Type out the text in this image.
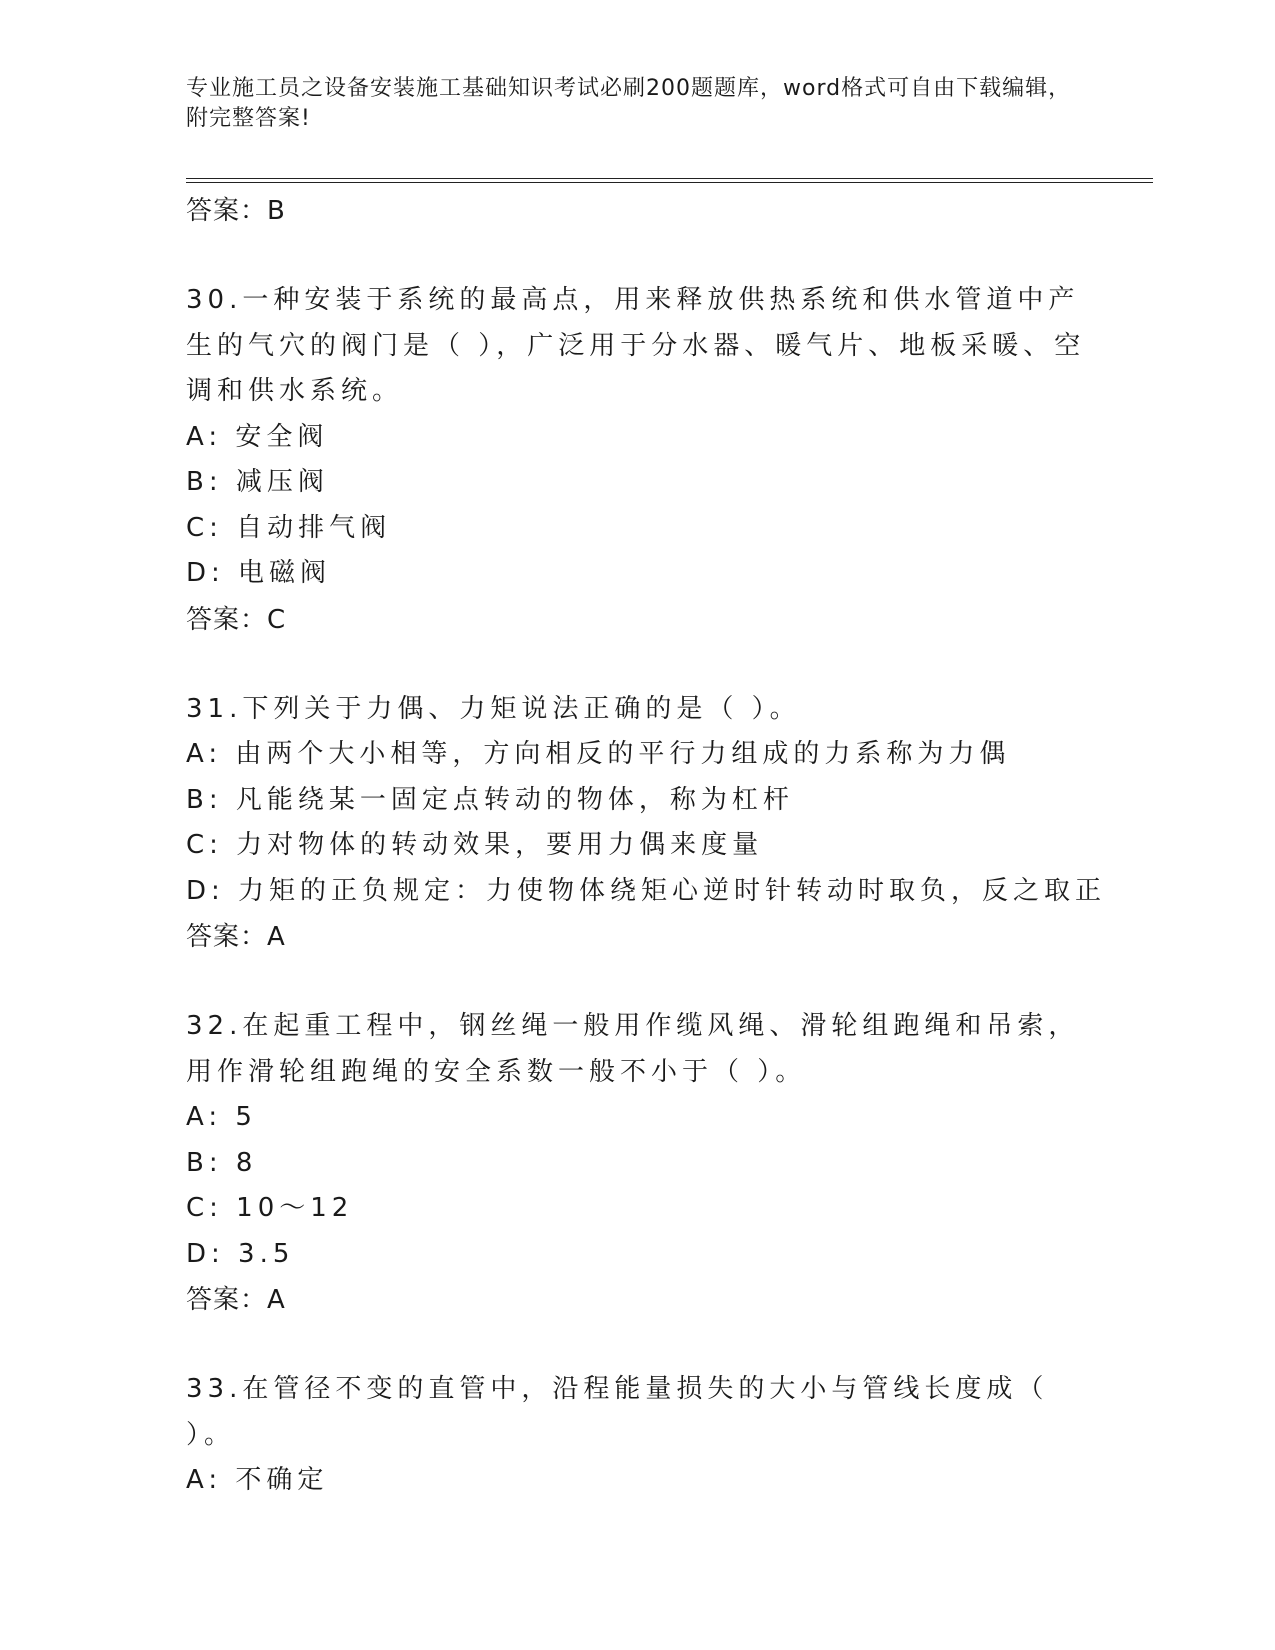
专业施工员之设备安装施工基础知识考试必刷200题题库，word格式可自由下载编辑，附完整答案!
答案：B

30.一种安装于系统的最高点，用来释放供热系统和供水管道中产生的气穴的阀门是（ ），广泛用于分水器、暖气片、地板采暖、空调和供水系统。

A: 安全阀
B: 减压阀
C: 自动排气阀
D: 电磁阀
答案：C

31.下列关于力偶、力矩说法正确的是（ ）。

A: 由两个大小相等，方向相反的平行力组成的力系称为力偶
B: 凡能绕某一固定点转动的物体，称为杠杆
C: 力对物体的转动效果，要用力偶来度量
D: 力矩的正负规定：力使物体绕矩心逆时针转动时取负，反之取正
答案：A

32.在起重工程中，钢丝绳一般用作缆风绳、滑轮组跑绳和吊索，用作滑轮组跑绳的安全系数一般不小于（ ）。

A: 5
B: 8
C: 10～12
D: 3.5
答案：A

33.在管径不变的直管中，沿程能量损失的大小与管线长度成（ ）。

A: 不确定
